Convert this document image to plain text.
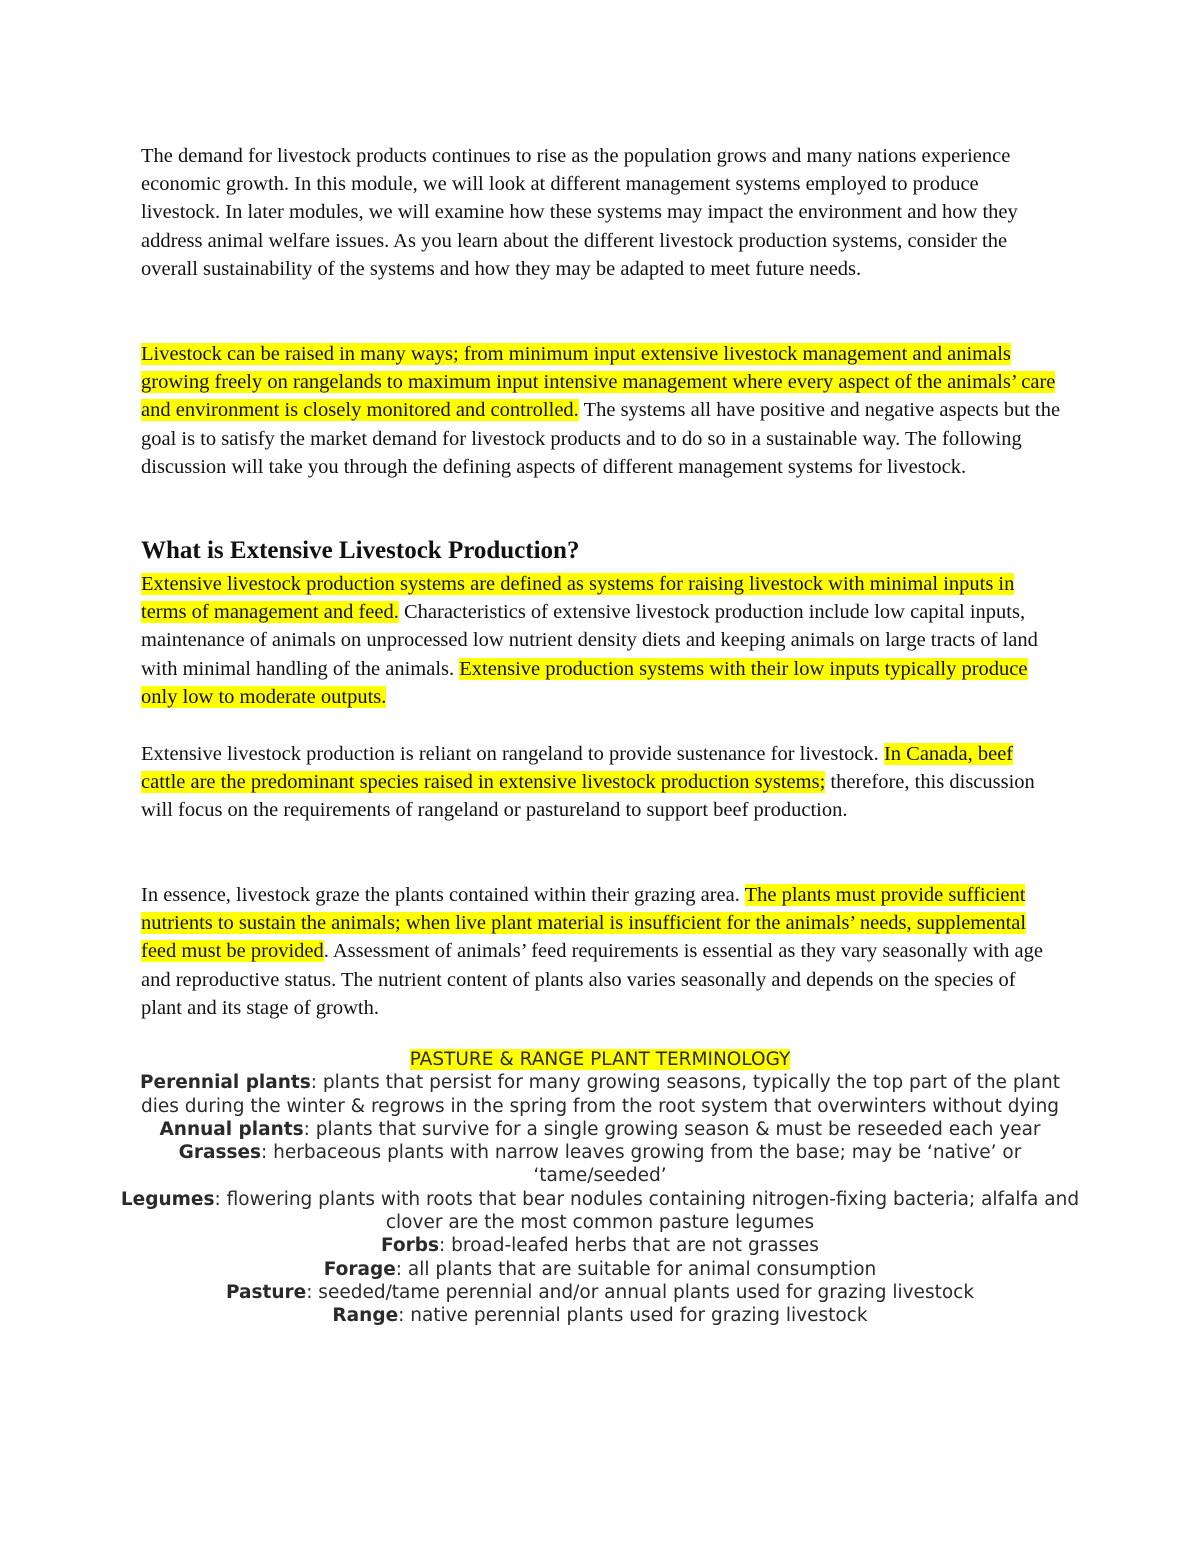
The demand for livestock products continues to rise as the population grows and many nations experience economic growth. In this module, we will look at different management systems employed to produce livestock. In later modules, we will examine how these systems may impact the environment and how they address animal welfare issues. As you learn about the different livestock production systems, consider the overall sustainability of the systems and how they may be adapted to meet future needs.

Livestock can be raised in many ways; from minimum input extensive livestock management and animals growing freely on rangelands to maximum input intensive management where every aspect of the animals’ care and environment is closely monitored and controlled. The systems all have positive and negative aspects but the goal is to satisfy the market demand for livestock products and to do so in a sustainable way. The following discussion will take you through the defining aspects of different management systems for livestock.

What is Extensive Livestock Production?

Extensive livestock production systems are defined as systems for raising livestock with minimal inputs in terms of management and feed. Characteristics of extensive livestock production include low capital inputs, maintenance of animals on unprocessed low nutrient density diets and keeping animals on large tracts of land with minimal handling of the animals. Extensive production systems with their low inputs typically produce only low to moderate outputs.

Extensive livestock production is reliant on rangeland to provide sustenance for livestock. In Canada, beef cattle are the predominant species raised in extensive livestock production systems; therefore, this discussion will focus on the requirements of rangeland or pastureland to support beef production.

In essence, livestock graze the plants contained within their grazing area. The plants must provide sufficient nutrients to sustain the animals; when live plant material is insufficient for the animals’ needs, supplemental feed must be provided. Assessment of animals’ feed requirements is essential as they vary seasonally with age and reproductive status. The nutrient content of plants also varies seasonally and depends on the species of plant and its stage of growth.

PASTURE & RANGE PLANT TERMINOLOGY

Perennial plants: plants that persist for many growing seasons, typically the top part of the plant dies during the winter & regrows in the spring from the root system that overwinters without dying

Annual plants: plants that survive for a single growing season & must be reseeded each year

Grasses: herbaceous plants with narrow leaves growing from the base; may be ‘native’ or ‘tame/seeded’

Legumes: flowering plants with roots that bear nodules containing nitrogen-fixing bacteria; alfalfa and clover are the most common pasture legumes

Forbs: broad-leafed herbs that are not grasses

Forage: all plants that are suitable for animal consumption

Pasture: seeded/tame perennial and/or annual plants used for grazing livestock

Range: native perennial plants used for grazing livestock
